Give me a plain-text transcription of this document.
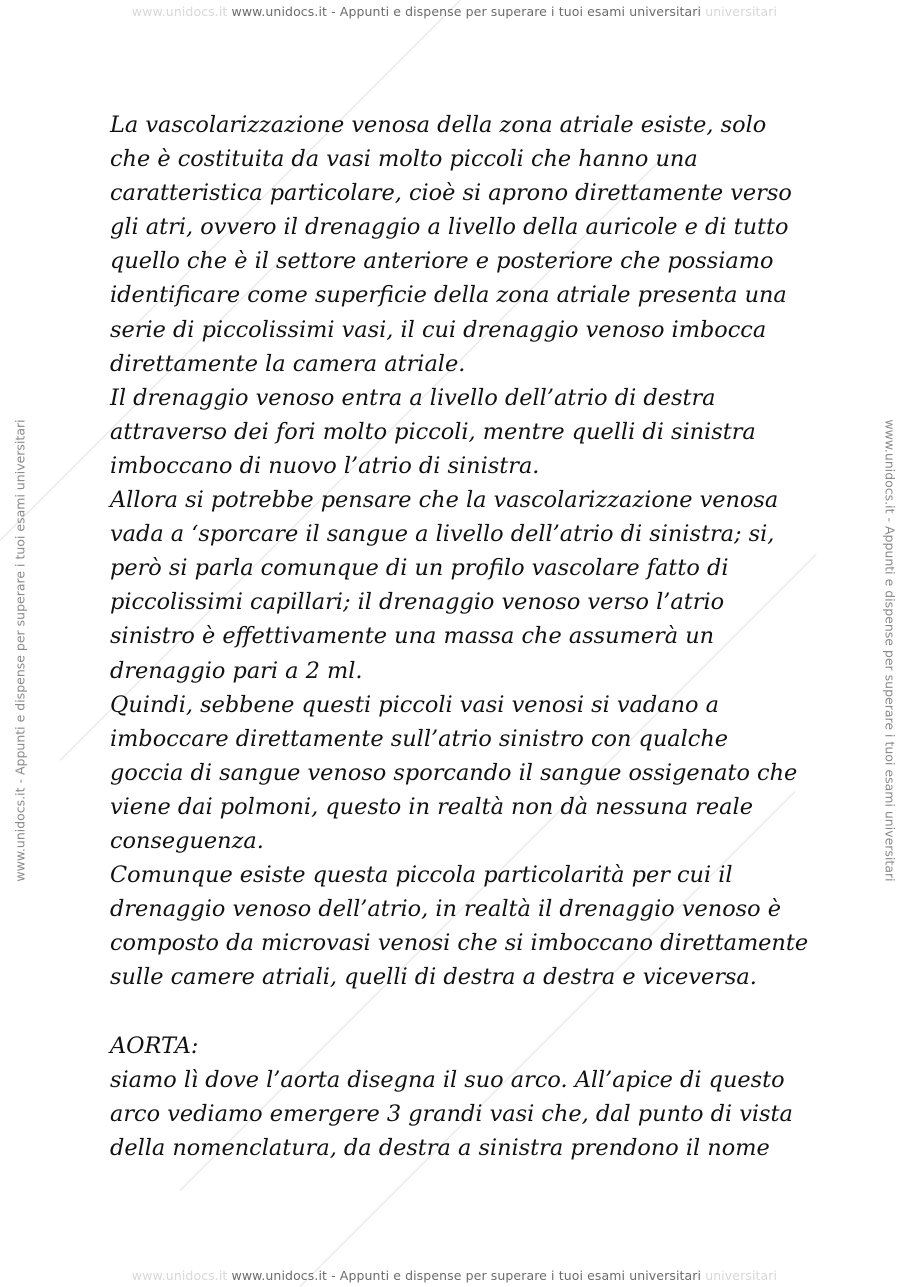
www.unidocs.it www.unidocs.it - Appunti e dispense per superare i tuoi esami universitari universitari
www.unidocs.it - Appunti e dispense per superare i tuoi esami universitari	www.unidocs.it - Appunti e dispense per superare i tuoi esami universitari
La vascolarizzazione venosa della zona atriale esiste, solo
che è costituita da vasi molto piccoli che hanno una
caratteristica particolare, cioè si aprono direttamente verso
gli atri, ovvero il drenaggio a livello della auricole e di tutto
quello che è il settore anteriore e posteriore che possiamo
identificare come superficie della zona atriale presenta una
serie di piccolissimi vasi, il cui drenaggio venoso imbocca
direttamente la camera atriale.
Il drenaggio venoso entra a livello dell’atrio di destra
attraverso dei fori molto piccoli, mentre quelli di sinistra
imboccano di nuovo l’atrio di sinistra.
Allora si potrebbe pensare che la vascolarizzazione venosa
vada a ‘sporcare il sangue a livello dell’atrio di sinistra; si,
però si parla comunque di un profilo vascolare fatto di
piccolissimi capillari; il drenaggio venoso verso l’atrio
sinistro è effettivamente una massa che assumerà un
drenaggio pari a 2 ml.
Quindi, sebbene questi piccoli vasi venosi si vadano a
imboccare direttamente sull’atrio sinistro con qualche
goccia di sangue venoso sporcando il sangue ossigenato che
viene dai polmoni, questo in realtà non dà nessuna reale
conseguenza.
Comunque esiste questa piccola particolarità per cui il
drenaggio venoso dell’atrio, in realtà il drenaggio venoso è
composto da microvasi venosi che si imboccano direttamente
sulle camere atriali, quelli di destra a destra e viceversa.
AORTA:
siamo lì dove l’aorta disegna il suo arco. All’apice di questo
arco vediamo emergere 3 grandi vasi che, dal punto di vista
della nomenclatura, da destra a sinistra prendono il nome
www.unidocs.it www.unidocs.it - Appunti e dispense per superare i tuoi esami universitari universitari
